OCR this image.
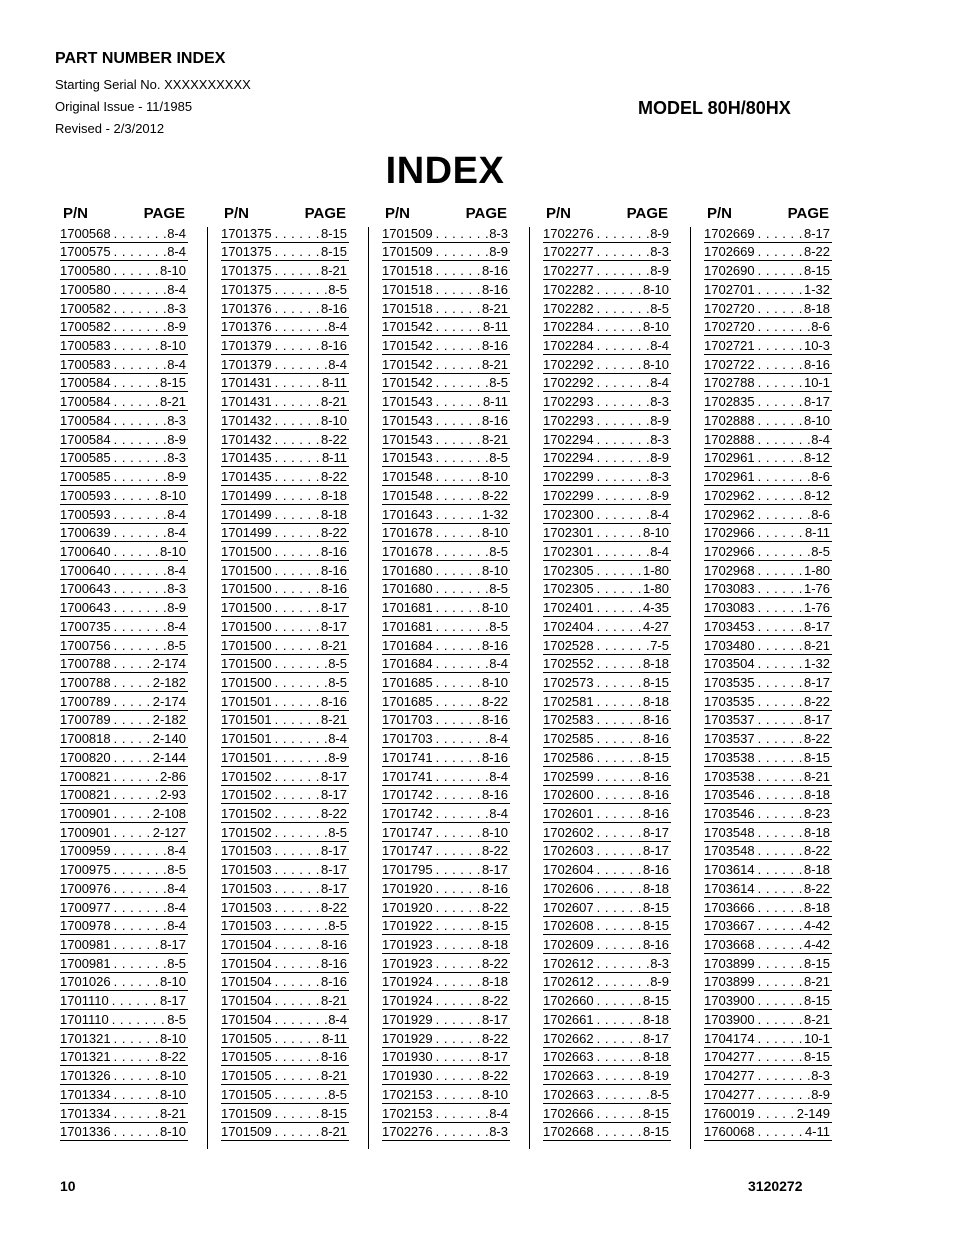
PART NUMBER INDEX
Starting Serial No. XXXXXXXXXX
Original Issue - 11/1985
Revised - 2/3/2012
MODEL 80H/80HX
INDEX
P/N	PAGE
1700568 . . .	8-4
1700575 . . .	8-4
1700580 . . .	8-10
1700580 . . .	8-4
1700582 . . .	8-3
1700582 . . .	8-9
1700583 . . .	8-10
1700583 . . .	8-4
1700584 . . .	8-15
1700584 . . .	8-21
1700584 . . .	8-3
1700584 . . .	8-9
1700585 . . .	8-3
1700585 . . .	8-9
1700593 . . .	8-10
1700593 . . .	8-4
1700639 . . .	8-4
1700640 . . .	8-10
1700640 . . .	8-4
1700643 . . .	8-3
1700643 . . .	8-9
1700735 . . .	8-4
1700756 . . .	8-5
1700788 . . .	2-174
1700788 . . .	2-182
1700789 . . .	2-174
1700789 . . .	2-182
1700818 . . .	2-140
1700820 . . .	2-144
1700821 . . .	2-86
1700821 . . .	2-93
1700901 . . .	2-108
1700901 . . .	2-127
1700959 . . .	8-4
1700975 . . .	8-5
1700976 . . .	8-4
1700977 . . .	8-4
1700978 . . .	8-4
1700981 . . .	8-17
1700981 . . .	8-5
1701026 . . .	8-10
1701110 . . .	8-17
1701110 . . .	8-5
1701321 . . .	8-10
1701321 . . .	8-22
1701326 . . .	8-10
1701334 . . .	8-10
1701334 . . .	8-21
1701336 . . .	8-10
P/N	PAGE
1701375 . . .	8-15
1701375 . . .	8-15
1701375 . . .	8-21
1701375 . . .	8-5
1701376 . . .	8-16
1701376 . . .	8-4
1701379 . . .	8-16
1701379 . . .	8-4
1701431 . . .	8-11
1701431 . . .	8-21
1701432 . . .	8-10
1701432 . . .	8-22
1701435 . . .	8-11
1701435 . . .	8-22
1701499 . . .	8-18
1701499 . . .	8-18
1701499 . . .	8-22
1701500 . . .	8-16
1701500 . . .	8-16
1701500 . . .	8-16
1701500 . . .	8-17
1701500 . . .	8-17
1701500 . . .	8-21
1701500 . . .	8-5
1701500 . . .	8-5
1701501 . . .	8-16
1701501 . . .	8-21
1701501 . . .	8-4
1701501 . . .	8-9
1701502 . . .	8-17
1701502 . . .	8-17
1701502 . . .	8-22
1701502 . . .	8-5
1701503 . . .	8-17
1701503 . . .	8-17
1701503 . . .	8-17
1701503 . . .	8-22
1701503 . . .	8-5
1701504 . . .	8-16
1701504 . . .	8-16
1701504 . . .	8-16
1701504 . . .	8-21
1701504 . . .	8-4
1701505 . . .	8-11
1701505 . . .	8-16
1701505 . . .	8-21
1701505 . . .	8-5
1701509 . . .	8-15
1701509 . . .	8-21
P/N	PAGE
1701509 . . .	8-3
1701509 . . .	8-9
1701518 . . .	8-16
1701518 . . .	8-16
1701518 . . .	8-21
1701542 . . .	8-11
1701542 . . .	8-16
1701542 . . .	8-21
1701542 . . .	8-5
1701543 . . .	8-11
1701543 . . .	8-16
1701543 . . .	8-21
1701543 . . .	8-5
1701548 . . .	8-10
1701548 . . .	8-22
1701643 . . .	1-32
1701678 . . .	8-10
1701678 . . .	8-5
1701680 . . .	8-10
1701680 . . .	8-5
1701681 . . .	8-10
1701681 . . .	8-5
1701684 . . .	8-16
1701684 . . .	8-4
1701685 . . .	8-10
1701685 . . .	8-22
1701703 . . .	8-16
1701703 . . .	8-4
1701741 . . .	8-16
1701741 . . .	8-4
1701742 . . .	8-16
1701742 . . .	8-4
1701747 . . .	8-10
1701747 . . .	8-22
1701795 . . .	8-17
1701920 . . .	8-16
1701920 . . .	8-22
1701922 . . .	8-15
1701923 . . .	8-18
1701923 . . .	8-22
1701924 . . .	8-18
1701924 . . .	8-22
1701929 . . .	8-17
1701929 . . .	8-22
1701930 . . .	8-17
1701930 . . .	8-22
1702153 . . .	8-10
1702153 . . .	8-4
1702276 . . .	8-3
P/N	PAGE
1702276 . . .	8-9
1702277 . . .	8-3
1702277 . . .	8-9
1702282 . . .	8-10
1702282 . . .	8-5
1702284 . . .	8-10
1702284 . . .	8-4
1702292 . . .	8-10
1702292 . . .	8-4
1702293 . . .	8-3
1702293 . . .	8-9
1702294 . . .	8-3
1702294 . . .	8-9
1702299 . . .	8-3
1702299 . . .	8-9
1702300 . . .	8-4
1702301 . . .	8-10
1702301 . . .	8-4
1702305 . . .	1-80
1702305 . . .	1-80
1702401 . . .	4-35
1702404 . . .	4-27
1702528 . . .	7-5
1702552 . . .	8-18
1702573 . . .	8-15
1702581 . . .	8-18
1702583 . . .	8-16
1702585 . . .	8-16
1702586 . . .	8-15
1702599 . . .	8-16
1702600 . . .	8-16
1702601 . . .	8-16
1702602 . . .	8-17
1702603 . . .	8-17
1702604 . . .	8-16
1702606 . . .	8-18
1702607 . . .	8-15
1702608 . . .	8-15
1702609 . . .	8-16
1702612 . . .	8-3
1702612 . . .	8-9
1702660 . . .	8-15
1702661 . . .	8-18
1702662 . . .	8-17
1702663 . . .	8-18
1702663 . . .	8-19
1702663 . . .	8-5
1702666 . . .	8-15
1702668 . . .	8-15
P/N	PAGE
1702669 . . .	8-17
1702669 . . .	8-22
1702690 . . .	8-15
1702701 . . .	1-32
1702720 . . .	8-18
1702720 . . .	8-6
1702721 . . .	10-3
1702722 . . .	8-16
1702788 . . .	10-1
1702835 . . .	8-17
1702888 . . .	8-10
1702888 . . .	8-4
1702961 . . .	8-12
1702961 . . .	8-6
1702962 . . .	8-12
1702962 . . .	8-6
1702966 . . .	8-11
1702966 . . .	8-5
1702968 . . .	1-80
1703083 . . .	1-76
1703083 . . .	1-76
1703453 . . .	8-17
1703480 . . .	8-21
1703504 . . .	1-32
1703535 . . .	8-17
1703535 . . .	8-22
1703537 . . .	8-17
1703537 . . .	8-22
1703538 . . .	8-15
1703538 . . .	8-21
1703546 . . .	8-18
1703546 . . .	8-23
1703548 . . .	8-18
1703548 . . .	8-22
1703614 . . .	8-18
1703614 . . .	8-22
1703666 . . .	8-18
1703667 . . .	4-42
1703668 . . .	4-42
1703899 . . .	8-15
1703899 . . .	8-21
1703900 . . .	8-15
1703900 . . .	8-21
1704174 . . .	10-1
1704277 . . .	8-15
1704277 . . .	8-3
1704277 . . .	8-9
1760019 . . .	2-149
1760068 . . .	4-11
10	3120272
